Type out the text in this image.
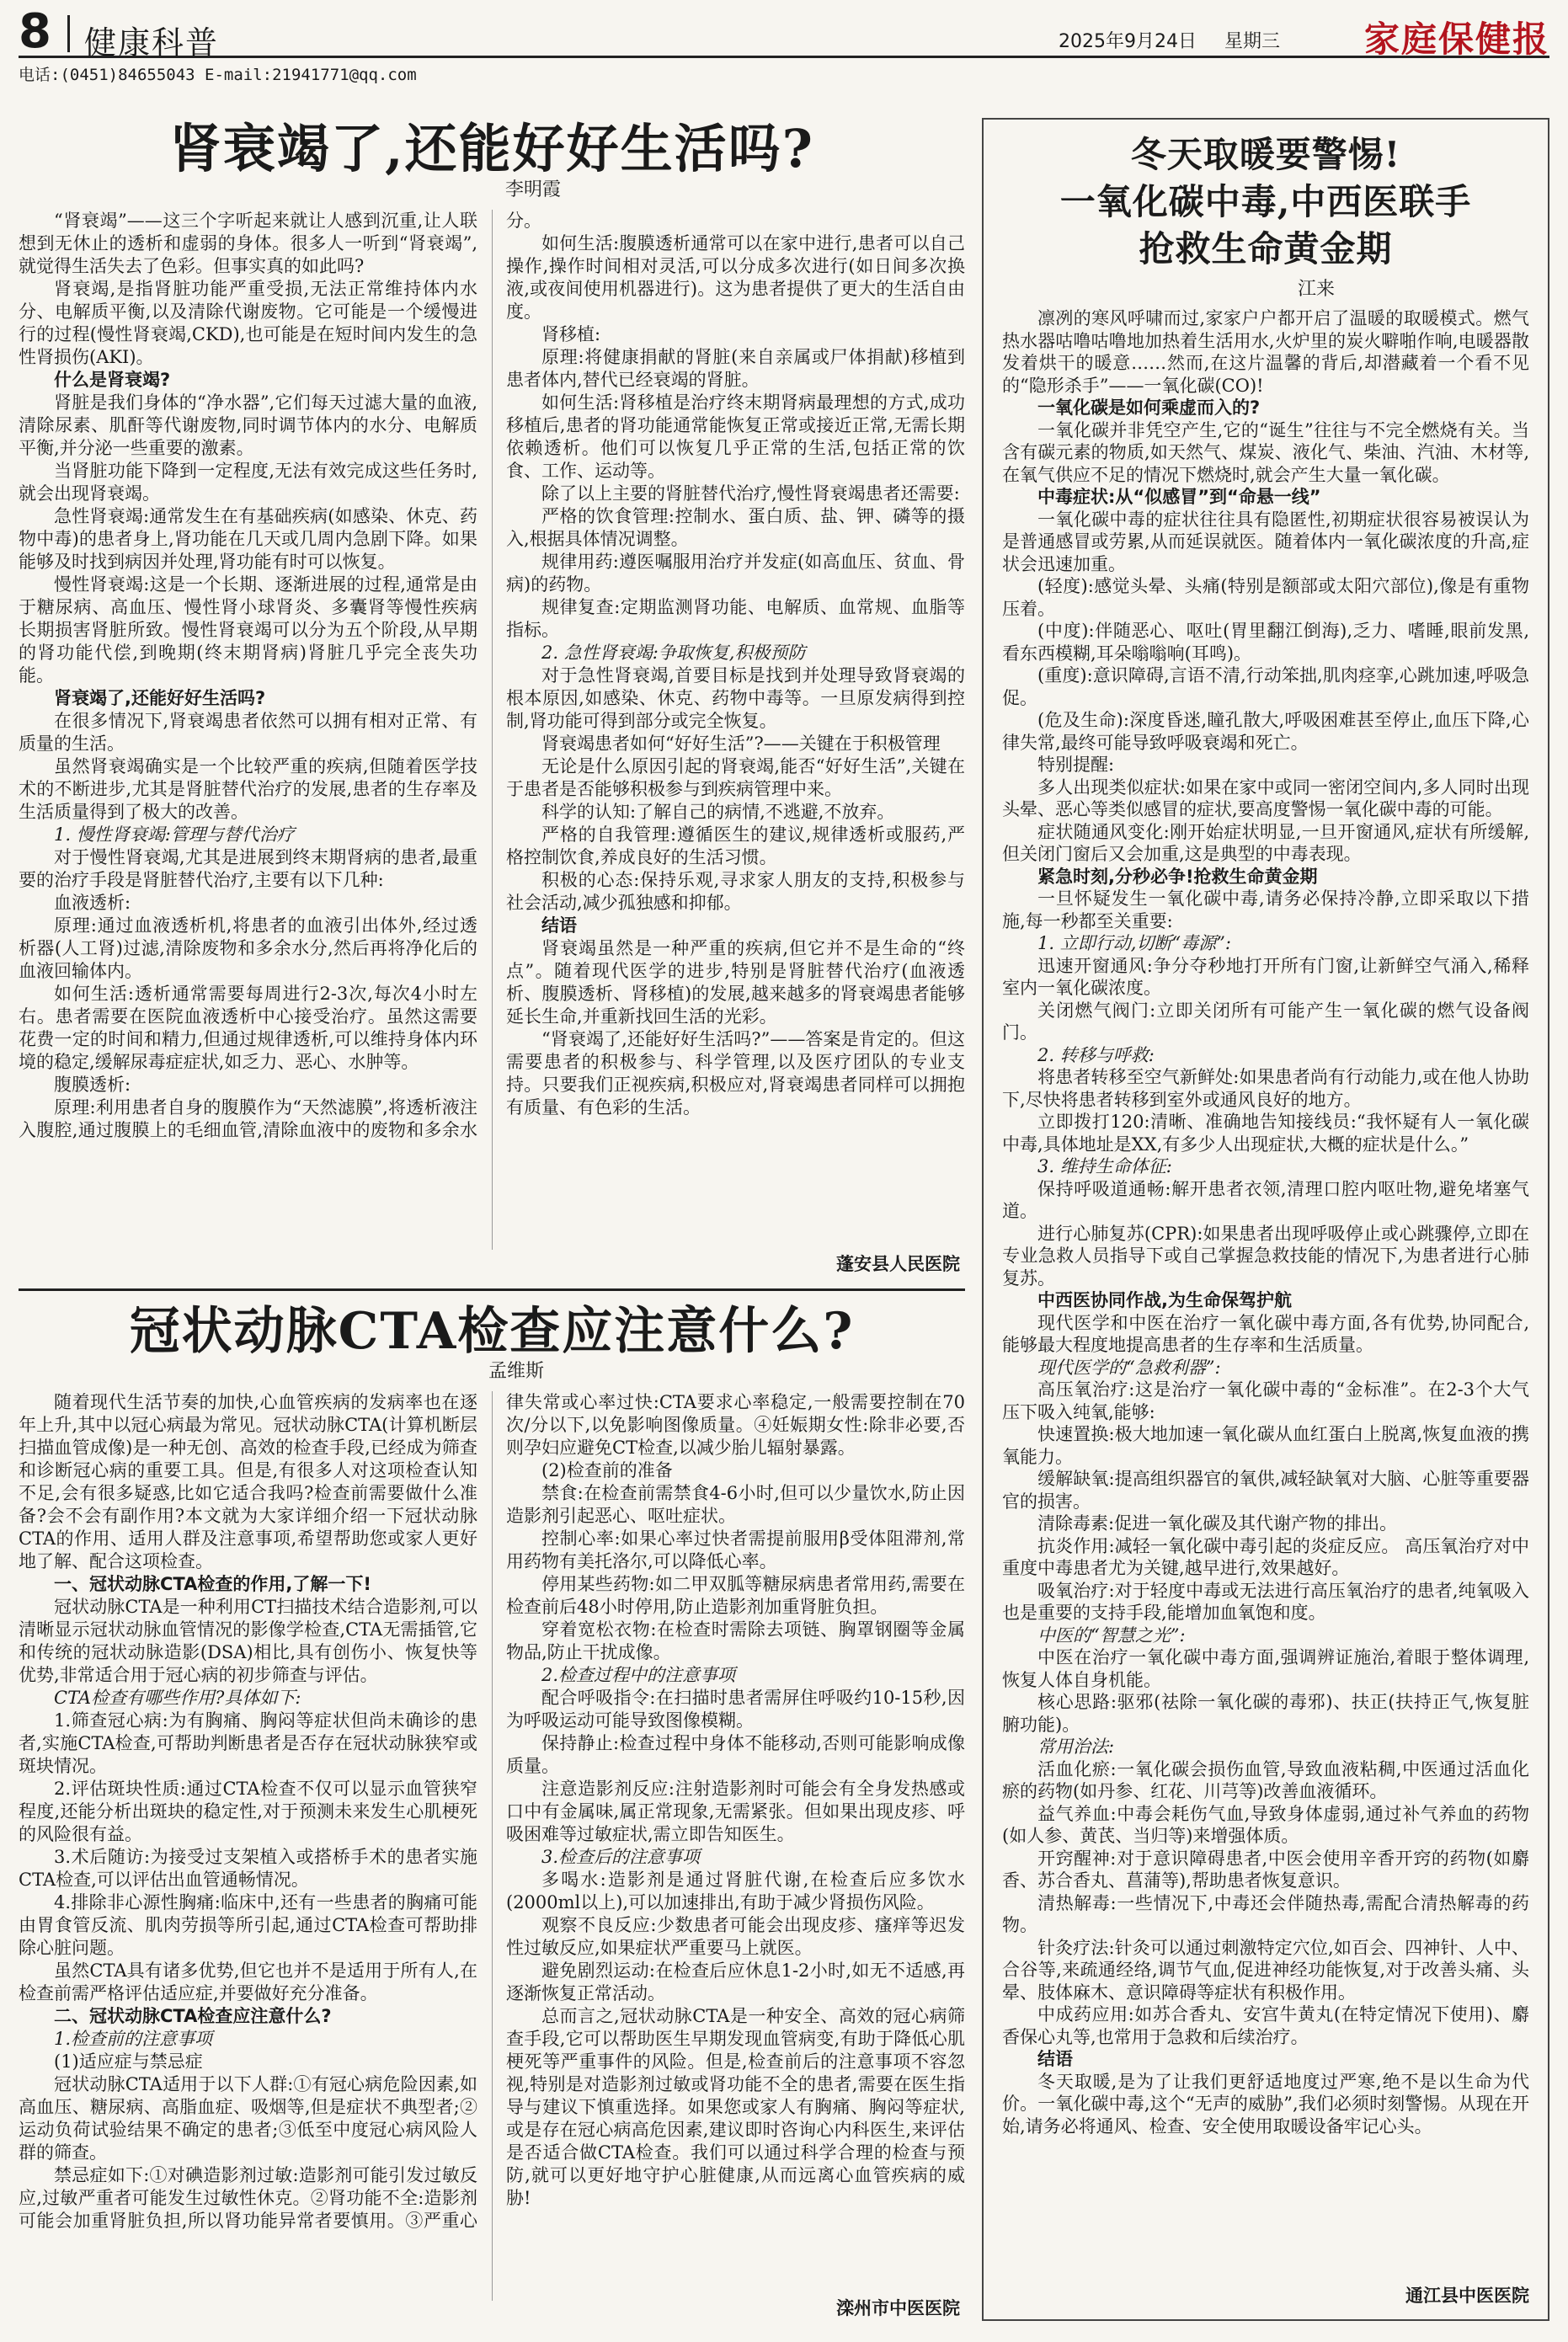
8 健康科普	2025年9月24日 星期三 家庭保健报
电话:(0451)84655043 E-mail:21941771@qq.com
肾衰竭了,还能好好生活吗?

李明霞

“肾衰竭”——这三个字听起来就让人感到沉重,让人联想到无休止的透析和虚弱的身体。很多人一听到“肾衰竭”,就觉得生活失去了色彩。但事实真的如此吗?

肾衰竭,是指肾脏功能严重受损,无法正常维持体内水分、电解质平衡,以及清除代谢废物。它可能是一个缓慢进行的过程(慢性肾衰竭,CKD),也可能是在短时间内发生的急性肾损伤(AKI)。

什么是肾衰竭?

肾脏是我们身体的“净水器”,它们每天过滤大量的血液,清除尿素、肌酐等代谢废物,同时调节体内的水分、电解质平衡,并分泌一些重要的激素。

当肾脏功能下降到一定程度,无法有效完成这些任务时,就会出现肾衰竭。

急性肾衰竭:通常发生在有基础疾病(如感染、休克、药物中毒)的患者身上,肾功能在几天或几周内急剧下降。如果能够及时找到病因并处理,肾功能有时可以恢复。

慢性肾衰竭:这是一个长期、逐渐进展的过程,通常是由于糖尿病、高血压、慢性肾小球肾炎、多囊肾等慢性疾病长期损害肾脏所致。慢性肾衰竭可以分为五个阶段,从早期的肾功能代偿,到晚期(终末期肾病)肾脏几乎完全丧失功能。

肾衰竭了,还能好好生活吗?

在很多情况下,肾衰竭患者依然可以拥有相对正常、有质量的生活。

虽然肾衰竭确实是一个比较严重的疾病,但随着医学技术的不断进步,尤其是肾脏替代治疗的发展,患者的生存率及生活质量得到了极大的改善。

1. 慢性肾衰竭:管理与替代治疗

对于慢性肾衰竭,尤其是进展到终末期肾病的患者,最重要的治疗手段是肾脏替代治疗,主要有以下几种:

血液透析:

原理:通过血液透析机,将患者的血液引出体外,经过透析器(人工肾)过滤,清除废物和多余水分,然后再将净化后的血液回输体内。

如何生活:透析通常需要每周进行2-3次,每次4小时左右。患者需要在医院血液透析中心接受治疗。虽然这需要花费一定的时间和精力,但通过规律透析,可以维持身体内环境的稳定,缓解尿毒症症状,如乏力、恶心、水肿等。

腹膜透析:

原理:利用患者自身的腹膜作为“天然滤膜”,将透析液注入腹腔,通过腹膜上的毛细血管,清除血液中的废物和多余水分。

如何生活:腹膜透析通常可以在家中进行,患者可以自己操作,操作时间相对灵活,可以分成多次进行(如日间多次换液,或夜间使用机器进行)。这为患者提供了更大的生活自由度。

肾移植:

原理:将健康捐献的肾脏(来自亲属或尸体捐献)移植到患者体内,替代已经衰竭的肾脏。

如何生活:肾移植是治疗终末期肾病最理想的方式,成功移植后,患者的肾功能通常能恢复正常或接近正常,无需长期依赖透析。他们可以恢复几乎正常的生活,包括正常的饮食、工作、运动等。

除了以上主要的肾脏替代治疗,慢性肾衰竭患者还需要:

严格的饮食管理:控制水、蛋白质、盐、钾、磷等的摄入,根据具体情况调整。

规律用药:遵医嘱服用治疗并发症(如高血压、贫血、骨病)的药物。

规律复查:定期监测肾功能、电解质、血常规、血脂等指标。

2. 急性肾衰竭:争取恢复,积极预防

对于急性肾衰竭,首要目标是找到并处理导致肾衰竭的根本原因,如感染、休克、药物中毒等。一旦原发病得到控制,肾功能可得到部分或完全恢复。

肾衰竭患者如何“好好生活”?——关键在于积极管理

无论是什么原因引起的肾衰竭,能否“好好生活”,关键在于患者是否能够积极参与到疾病管理中来。

科学的认知:了解自己的病情,不逃避,不放弃。

严格的自我管理:遵循医生的建议,规律透析或服药,严格控制饮食,养成良好的生活习惯。

积极的心态:保持乐观,寻求家人朋友的支持,积极参与社会活动,减少孤独感和抑郁。

结语

肾衰竭虽然是一种严重的疾病,但它并不是生命的“终点”。随着现代医学的进步,特别是肾脏替代治疗(血液透析、腹膜透析、肾移植)的发展,越来越多的肾衰竭患者能够延长生命,并重新找回生活的光彩。

“肾衰竭了,还能好好生活吗?”——答案是肯定的。但这需要患者的积极参与、科学管理,以及医疗团队的专业支持。只要我们正视疾病,积极应对,肾衰竭患者同样可以拥抱有质量、有色彩的生活。

蓬安县人民医院
冠状动脉CTA检查应注意什么?

孟维斯

随着现代生活节奏的加快,心血管疾病的发病率也在逐年上升,其中以冠心病最为常见。冠状动脉CTA(计算机断层扫描血管成像)是一种无创、高效的检查手段,已经成为筛查和诊断冠心病的重要工具。但是,有很多人对这项检查认知不足,会有很多疑惑,比如它适合我吗?检查前需要做什么准备?会不会有副作用?本文就为大家详细介绍一下冠状动脉CTA的作用、适用人群及注意事项,希望帮助您或家人更好地了解、配合这项检查。

一、冠状动脉CTA检查的作用,了解一下!

冠状动脉CTA是一种利用CT扫描技术结合造影剂,可以清晰显示冠状动脉血管情况的影像学检查,CTA无需插管,它和传统的冠状动脉造影(DSA)相比,具有创伤小、恢复快等优势,非常适合用于冠心病的初步筛查与评估。

CTA检查有哪些作用?具体如下:

1.筛查冠心病:为有胸痛、胸闷等症状但尚未确诊的患者,实施CTA检查,可帮助判断患者是否存在冠状动脉狭窄或斑块情况。

2.评估斑块性质:通过CTA检查不仅可以显示血管狭窄程度,还能分析出斑块的稳定性,对于预测未来发生心肌梗死的风险很有益。

3.术后随访:为接受过支架植入或搭桥手术的患者实施CTA检查,可以评估出血管通畅情况。

4.排除非心源性胸痛:临床中,还有一些患者的胸痛可能由胃食管反流、肌肉劳损等所引起,通过CTA检查可帮助排除心脏问题。

虽然CTA具有诸多优势,但它也并不是适用于所有人,在检查前需严格评估适应症,并要做好充分准备。

二、冠状动脉CTA检查应注意什么?

1.检查前的注意事项

(1)适应症与禁忌症

冠状动脉CTA适用于以下人群:①有冠心病危险因素,如高血压、糖尿病、高脂血症、吸烟等,但是症状不典型者;②运动负荷试验结果不确定的患者;③低至中度冠心病风险人群的筛查。

禁忌症如下:①对碘造影剂过敏:造影剂可能引发过敏反应,过敏严重者可能发生过敏性休克。②肾功能不全:造影剂可能会加重肾脏负担,所以肾功能异常者要慎用。③严重心律失常或心率过快:CTA要求心率稳定,一般需要控制在70次/分以下,以免影响图像质量。④妊娠期女性:除非必要,否则孕妇应避免CT检查,以减少胎儿辐射暴露。

(2)检查前的准备

禁食:在检查前需禁食4-6小时,但可以少量饮水,防止因造影剂引起恶心、呕吐症状。

控制心率:如果心率过快者需提前服用β受体阻滞剂,常用药物有美托洛尔,可以降低心率。

停用某些药物:如二甲双胍等糖尿病患者常用药,需要在检查前后48小时停用,防止造影剂加重肾脏负担。

穿着宽松衣物:在检查时需除去项链、胸罩钢圈等金属物品,防止干扰成像。

2.检查过程中的注意事项

配合呼吸指令:在扫描时患者需屏住呼吸约10-15秒,因为呼吸运动可能导致图像模糊。

保持静止:检查过程中身体不能移动,否则可能影响成像质量。

注意造影剂反应:注射造影剂时可能会有全身发热感或口中有金属味,属正常现象,无需紧张。但如果出现皮疹、呼吸困难等过敏症状,需立即告知医生。

3.检查后的注意事项

多喝水:造影剂是通过肾脏代谢,在检查后应多饮水(2000ml以上),可以加速排出,有助于减少肾损伤风险。

观察不良反应:少数患者可能会出现皮疹、瘙痒等迟发性过敏反应,如果症状严重要马上就医。

避免剧烈运动:在检查后应休息1-2小时,如无不适感,再逐渐恢复正常活动。

总而言之,冠状动脉CTA是一种安全、高效的冠心病筛查手段,它可以帮助医生早期发现血管病变,有助于降低心肌梗死等严重事件的风险。但是,检查前后的注意事项不容忽视,特别是对造影剂过敏或肾功能不全的患者,需要在医生指导与建议下慎重选择。如果您或家人有胸痛、胸闷等症状,或是存在冠心病高危因素,建议即时咨询心内科医生,来评估是否适合做CTA检查。我们可以通过科学合理的检查与预防,就可以更好地守护心脏健康,从而远离心血管疾病的威胁!

滦州市中医医院
冬天取暖要警惕!
一氧化碳中毒,中西医联手
抢救生命黄金期

江来

凛冽的寒风呼啸而过,家家户户都开启了温暖的取暖模式。燃气热水器咕噜咕噜地加热着生活用水,火炉里的炭火噼啪作响,电暖器散发着烘干的暖意……然而,在这片温馨的背后,却潜藏着一个看不见的“隐形杀手”——一氧化碳(CO)!

一氧化碳是如何乘虚而入的?

一氧化碳并非凭空产生,它的“诞生”往往与不完全燃烧有关。当含有碳元素的物质,如天然气、煤炭、液化气、柴油、汽油、木材等,在氧气供应不足的情况下燃烧时,就会产生大量一氧化碳。

中毒症状:从“似感冒”到“命悬一线”

一氧化碳中毒的症状往往具有隐匿性,初期症状很容易被误认为是普通感冒或劳累,从而延误就医。随着体内一氧化碳浓度的升高,症状会迅速加重。

(轻度):感觉头晕、头痛(特别是额部或太阳穴部位),像是有重物压着。

(中度):伴随恶心、呕吐(胃里翻江倒海),乏力、嗜睡,眼前发黑,看东西模糊,耳朵嗡嗡响(耳鸣)。

(重度):意识障碍,言语不清,行动笨拙,肌肉痉挛,心跳加速,呼吸急促。

(危及生命):深度昏迷,瞳孔散大,呼吸困难甚至停止,血压下降,心律失常,最终可能导致呼吸衰竭和死亡。

特别提醒:

多人出现类似症状:如果在家中或同一密闭空间内,多人同时出现头晕、恶心等类似感冒的症状,要高度警惕一氧化碳中毒的可能。

症状随通风变化:刚开始症状明显,一旦开窗通风,症状有所缓解,但关闭门窗后又会加重,这是典型的中毒表现。

紧急时刻,分秒必争!抢救生命黄金期

一旦怀疑发生一氧化碳中毒,请务必保持冷静,立即采取以下措施,每一秒都至关重要:

1. 立即行动,切断“毒源”:

迅速开窗通风:争分夺秒地打开所有门窗,让新鲜空气涌入,稀释室内一氧化碳浓度。

关闭燃气阀门:立即关闭所有可能产生一氧化碳的燃气设备阀门。

2. 转移与呼救:

将患者转移至空气新鲜处:如果患者尚有行动能力,或在他人协助下,尽快将患者转移到室外或通风良好的地方。

立即拨打120:清晰、准确地告知接线员:“我怀疑有人一氧化碳中毒,具体地址是XX,有多少人出现症状,大概的症状是什么。”

3. 维持生命体征:

保持呼吸道通畅:解开患者衣领,清理口腔内呕吐物,避免堵塞气道。

进行心肺复苏(CPR):如果患者出现呼吸停止或心跳骤停,立即在专业急救人员指导下或自己掌握急救技能的情况下,为患者进行心肺复苏。

中西医协同作战,为生命保驾护航

现代医学和中医在治疗一氧化碳中毒方面,各有优势,协同配合,能够最大程度地提高患者的生存率和生活质量。

现代医学的“急救利器”:

高压氧治疗:这是治疗一氧化碳中毒的“金标准”。在2-3个大气压下吸入纯氧,能够:

快速置换:极大地加速一氧化碳从血红蛋白上脱离,恢复血液的携氧能力。

缓解缺氧:提高组织器官的氧供,减轻缺氧对大脑、心脏等重要器官的损害。

清除毒素:促进一氧化碳及其代谢产物的排出。

抗炎作用:减轻一氧化碳中毒引起的炎症反应。 高压氧治疗对中重度中毒患者尤为关键,越早进行,效果越好。

吸氧治疗:对于轻度中毒或无法进行高压氧治疗的患者,纯氧吸入也是重要的支持手段,能增加血氧饱和度。

中医的“智慧之光”:

中医在治疗一氧化碳中毒方面,强调辨证施治,着眼于整体调理,恢复人体自身机能。

核心思路:驱邪(祛除一氧化碳的毒邪)、扶正(扶持正气,恢复脏腑功能)。

常用治法:

活血化瘀:一氧化碳会损伤血管,导致血液粘稠,中医通过活血化瘀的药物(如丹参、红花、川芎等)改善血液循环。

益气养血:中毒会耗伤气血,导致身体虚弱,通过补气养血的药物(如人参、黄芪、当归等)来增强体质。

开窍醒神:对于意识障碍患者,中医会使用辛香开窍的药物(如麝香、苏合香丸、菖蒲等),帮助患者恢复意识。

清热解毒:一些情况下,中毒还会伴随热毒,需配合清热解毒的药物。

针灸疗法:针灸可以通过刺激特定穴位,如百会、四神针、人中、合谷等,来疏通经络,调节气血,促进神经功能恢复,对于改善头痛、头晕、肢体麻木、意识障碍等症状有积极作用。

中成药应用:如苏合香丸、安宫牛黄丸(在特定情况下使用)、麝香保心丸等,也常用于急救和后续治疗。

结语

冬天取暖,是为了让我们更舒适地度过严寒,绝不是以生命为代价。一氧化碳中毒,这个“无声的威胁”,我们必须时刻警惕。从现在开始,请务必将通风、检查、安全使用取暖设备牢记心头。

通江县中医医院
